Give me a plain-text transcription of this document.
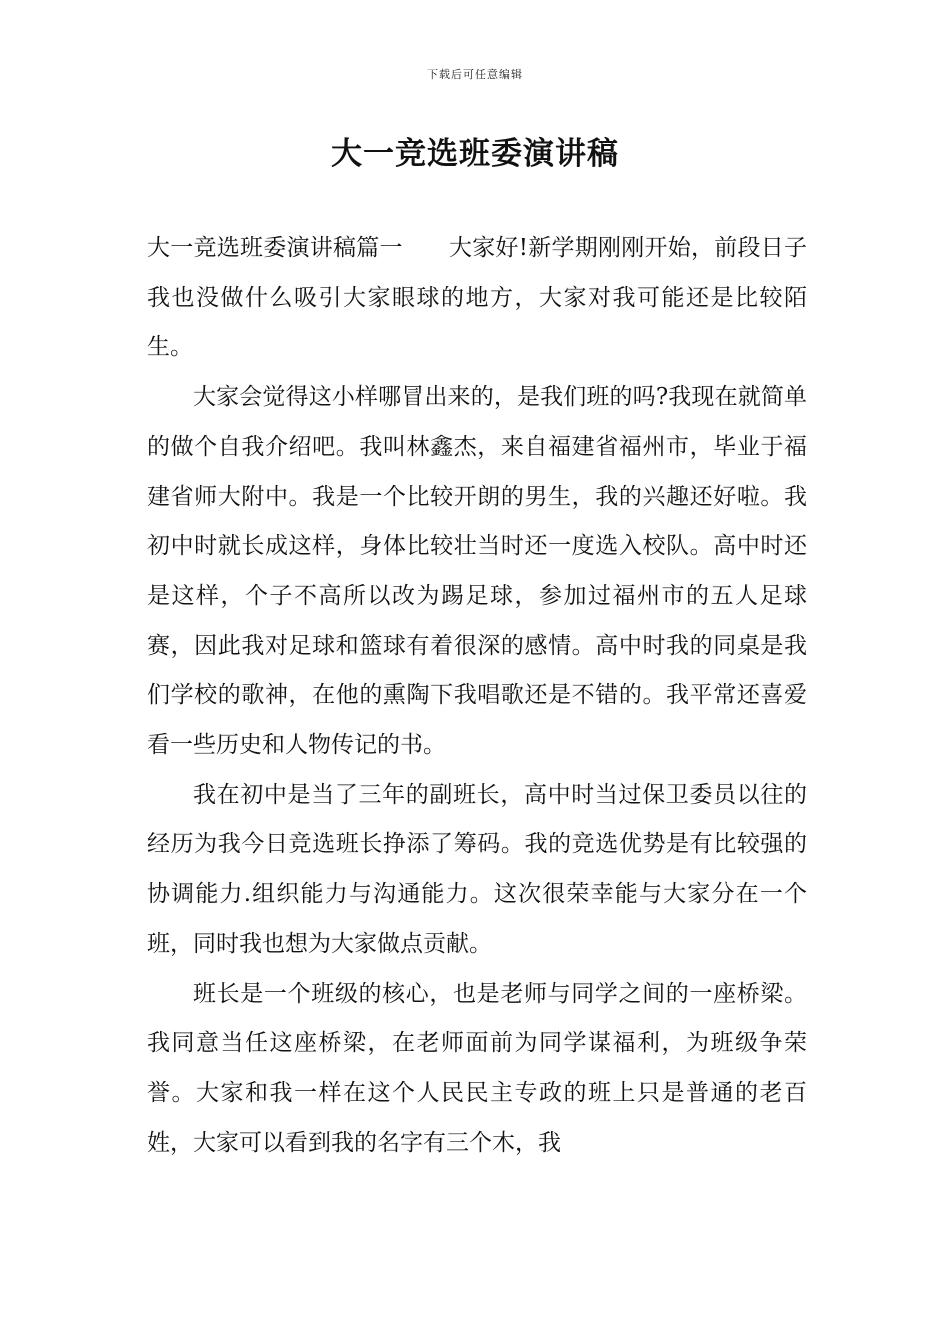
下载后可任意编辑
大一竞选班委演讲稿

大一竞选班委演讲稿篇一 大家好!新学期刚刚开始，前段日子我也没做什么吸引大家眼球的地方，大家对我可能还是比较陌生。

大家会觉得这小样哪冒出来的，是我们班的吗?我现在就简单的做个自我介绍吧。我叫林鑫杰，来自福建省福州市，毕业于福建省师大附中。我是一个比较开朗的男生，我的兴趣还好啦。我初中时就长成这样，身体比较壮当时还一度选入校队。高中时还是这样，个子不高所以改为踢足球，参加过福州市的五人足球赛，因此我对足球和篮球有着很深的感情。高中时我的同桌是我们学校的歌神，在他的熏陶下我唱歌还是不错的。我平常还喜爱看一些历史和人物传记的书。

我在初中是当了三年的副班长，高中时当过保卫委员以往的经历为我今日竞选班长挣添了筹码。我的竞选优势是有比较强的协调能力.组织能力与沟通能力。这次很荣幸能与大家分在一个班，同时我也想为大家做点贡献。

班长是一个班级的核心，也是老师与同学之间的一座桥梁。我同意当任这座桥梁，在老师面前为同学谋福利，为班级争荣誉。大家和我一样在这个人民民主专政的班上只是普通的老百姓，大家可以看到我的名字有三个木，我
